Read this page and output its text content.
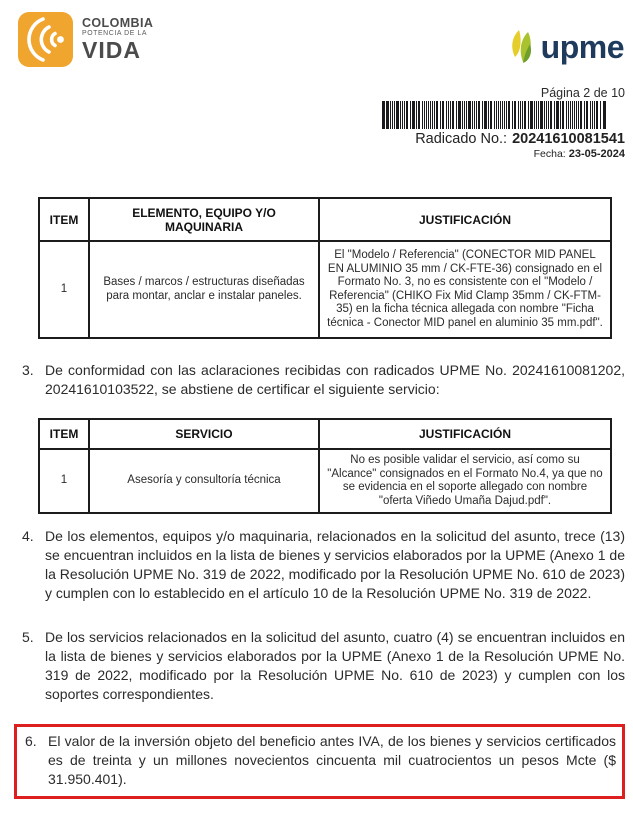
COLOMBIA
POTENCIA DE LA
VIDA	upme
Página 2 de 10
Radicado No.: 20241610081541
Fecha: 23-05-2024
ITEM	ELEMENTO, EQUIPO Y/O MAQUINARIA	JUSTIFICACIÓN
1	Bases / marcos / estructuras diseñadas para montar, anclar e instalar paneles.	El "Modelo / Referencia" (CONECTOR MID PANEL EN ALUMINIO 35 mm / CK-FTE-36) consignado en el Formato No. 3, no es consistente con el "Modelo / Referencia" (CHIKO Fix Mid Clamp 35mm / CK-FTM-35) en la ficha técnica allegada con nombre "Ficha técnica - Conector MID panel en aluminio 35 mm.pdf".
3. De conformidad con las aclaraciones recibidas con radicados UPME No. 20241610081202, 20241610103522, se abstiene de certificar el siguiente servicio:
ITEM	SERVICIO	JUSTIFICACIÓN
1	Asesoría y consultoría técnica	No es posible validar el servicio, así como su "Alcance" consignados en el Formato No.4, ya que no se evidencia en el soporte allegado con nombre "oferta Viñedo Umaña Dajud.pdf".
4. De los elementos, equipos y/o maquinaria, relacionados en la solicitud del asunto, trece (13) se encuentran incluidos en la lista de bienes y servicios elaborados por la UPME (Anexo 1 de la Resolución UPME No. 319 de 2022, modificado por la Resolución UPME No. 610 de 2023) y cumplen con lo establecido en el artículo 10 de la Resolución UPME No. 319 de 2022.
5. De los servicios relacionados en la solicitud del asunto, cuatro (4) se encuentran incluidos en la lista de bienes y servicios elaborados por la UPME (Anexo 1 de la Resolución UPME No. 319 de 2022, modificado por la Resolución UPME No. 610 de 2023) y cumplen con los soportes correspondientes.
6. El valor de la inversión objeto del beneficio antes IVA, de los bienes y servicios certificados es de treinta y un millones novecientos cincuenta mil cuatrocientos un pesos Mcte ($ 31.950.401).
